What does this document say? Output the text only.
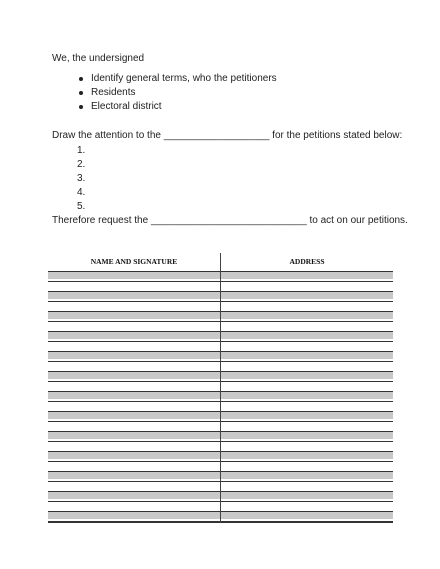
We, the undersigned
Identify general terms, who the petitioners
Residents
Electoral district
Draw the attention to the ___________________ for the petitions stated below:
1.
2.
3.
4.
5.
Therefore request the ____________________________ to act on our petitions.
NAME AND SIGNATURE	ADDRESS
